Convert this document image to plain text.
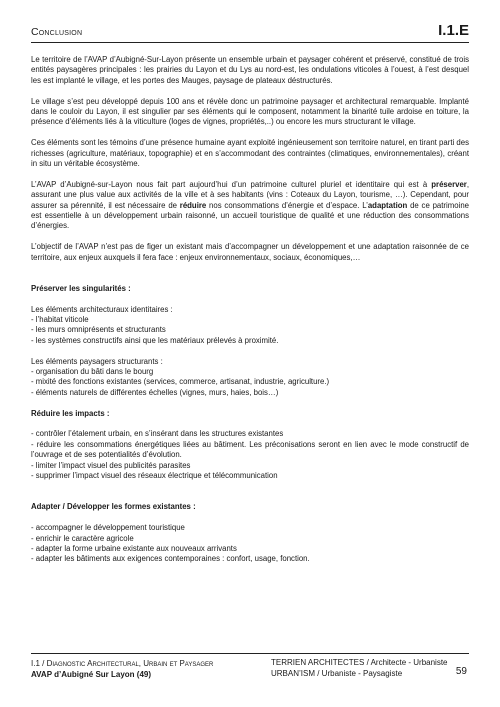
Conclusion	I.1.E

Le territoire de l’AVAP d’Aubigné-Sur-Layon présente un ensemble urbain et paysager cohérent et préservé, constitué de trois entités paysagères principales : les prairies du Layon et du Lys au nord-est, les ondulations viticoles à l’ouest, à l’est desquel les est implanté le village, et les portes des Mauges, paysage de plateaux déstructurés.

Le village s’est peu développé depuis 100 ans et révèle donc un patrimoine paysager et architectural remarquable. Implanté dans le couloir du Layon, il est singulier par ses éléments qui le composent, notamment la binarité tuile ardoise en toiture, la présence d’éléments liés à la viticulture (loges de vignes, propriétés,..) ou encore les murs structurant le village.

Ces éléments sont les témoins d’une présence humaine ayant exploité ingénieusement son territoire naturel, en tirant parti des richesses (agriculture, matériaux, topographie) et en s’accommodant des contraintes (climatiques, environnementales), créant in situ un véritable écosystème.

L’AVAP d’Aubigné-sur-Layon nous fait part aujourd’hui d’un patrimoine culturel pluriel et identitaire qui est à préserver, assurant une plus value aux activités de la ville et à ses habitants (vins : Coteaux du Layon, tourisme, …). Cependant, pour assurer sa pérennité, il est nécessaire de réduire nos consommations d’énergie et d’espace. L’adaptation de ce patrimoine est essentielle à un développement urbain raisonné, un accueil touristique de qualité et une réduction des consommations d’énergies.

L’objectif de l’AVAP n’est pas de figer un existant mais d’accompagner un développement et une adaptation raisonnée de ce territoire, aux enjeux auxquels il fera face : enjeux environnementaux, sociaux, économiques,…

Préserver les singularités :

Les éléments architecturaux identitaires :
- l’habitat viticole
- les murs omniprésents et structurants
- les systèmes constructifs ainsi que les matériaux prélevés à proximité.
Les éléments paysagers structurants :
- organisation du bâti dans le bourg
- mixité des fonctions existantes (services, commerce, artisanat, industrie, agriculture.)
- éléments naturels de différentes échelles (vignes, murs, haies, bois…)

Réduire les impacts :

- contrôler l’étalement urbain, en s’insérant dans les structures existantes
- réduire les consommations énergétiques liées au bâtiment. Les préconisations seront en lien avec le mode constructif de l’ouvrage et de ses potentialités d’évolution.
- limiter l’impact visuel des publicités parasites
- supprimer l’impact visuel des réseaux électrique et télécommunication

Adapter / Développer les formes existantes :

- accompagner le développement touristique
- enrichir le caractère agricole
- adapter la forme urbaine existante aux nouveaux arrivants
- adapter les bâtiments aux exigences contemporaines : confort, usage, fonction.
I.1 / Diagnostic Architectural, Urbain et Paysager
AVAP d’Aubigné Sur Layon (49)
TERRIEN ARCHITECTES / Architecte - Urbaniste
URBAN’ISM / Urbaniste - Paysagiste	59
